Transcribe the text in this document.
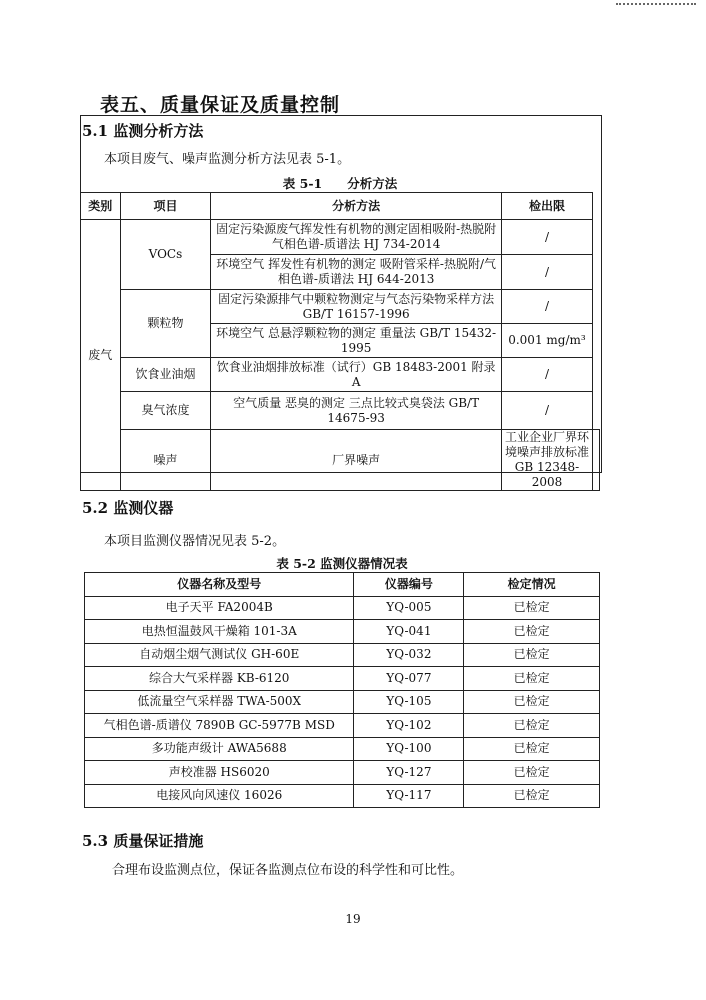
表五、质量保证及质量控制
5.1 监测分析方法
本项目废气、噪声监测分析方法见表 5-1。
表 5-1　　分析方法
类别	项目	分析方法	检出限	
废气	VOCs	固定污染源废气挥发性有机物的测定固相吸附-热脱附 气相色谱-质谱法 HJ 734-2014	/	
		环境空气 挥发性有机物的测定 吸附管采样-热脱附/气相色谱-质谱法 HJ 644-2013	/	
	颗粒物	固定污染源排气中颗粒物测定与气态污染物采样方法 GB/T 16157-1996	/	
		环境空气 总悬浮颗粒物的测定 重量法 GB/T 15432-1995	0.001 mg/m³	
	饮食业油烟	饮食业油烟排放标准（试行）GB 18483-2001 附录 A	/	
	臭气浓度	空气质量 恶臭的测定 三点比较式臭袋法 GB/T 14675-93	/	
	噪声	厂界噪声	工业企业厂界环境噪声排放标准 GB 12348-2008	
5.2 监测仪器
本项目监测仪器情况见表 5-2。
表 5-2 监测仪器情况表
仪器名称及型号	仪器编号	检定情况
电子天平 FA2004B	YQ-005	已检定
电热恒温鼓风干燥箱 101-3A	YQ-041	已检定
自动烟尘烟气测试仪 GH-60E	YQ-032	已检定
综合大气采样器 KB-6120	YQ-077	已检定
低流量空气采样器 TWA-500X	YQ-105	已检定
气相色谱-质谱仪 7890B GC-5977B MSD	YQ-102	已检定
多功能声级计 AWA5688	YQ-100	已检定
声校准器 HS6020	YQ-127	已检定
电接风向风速仪 16026	YQ-117	已检定
5.3 质量保证措施
合理布设监测点位，保证各监测点位布设的科学性和可比性。
19
